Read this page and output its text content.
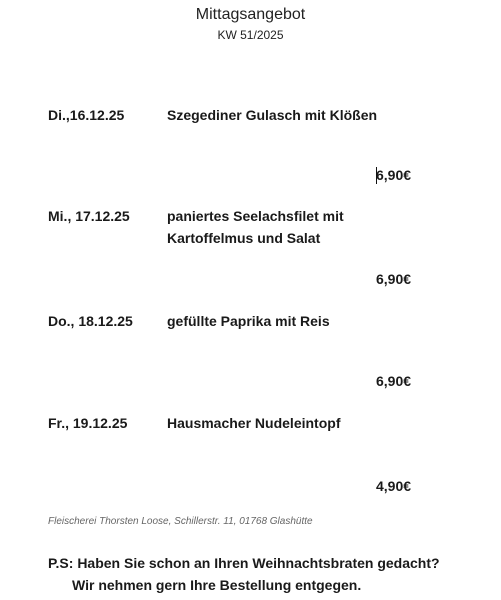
Mittagsangebot
KW 51/2025
Di.,16.12.25	Szegediner Gulasch mit Klößen
6,90€
Mi., 17.12.25	paniertes Seelachsfilet mit
Kartoffelmus und Salat
6,90€
Do., 18.12.25 gefüllte Paprika mit Reis
6,90€
Fr., 19.12.25	Hausmacher Nudeleintopf
4,90€
Fleischerei Thorsten Loose, Schillerstr. 11, 01768 Glashütte
P.S: Haben Sie schon an Ihren Weihnachtsbraten gedacht?
Wir nehmen gern Ihre Bestellung entgegen.
